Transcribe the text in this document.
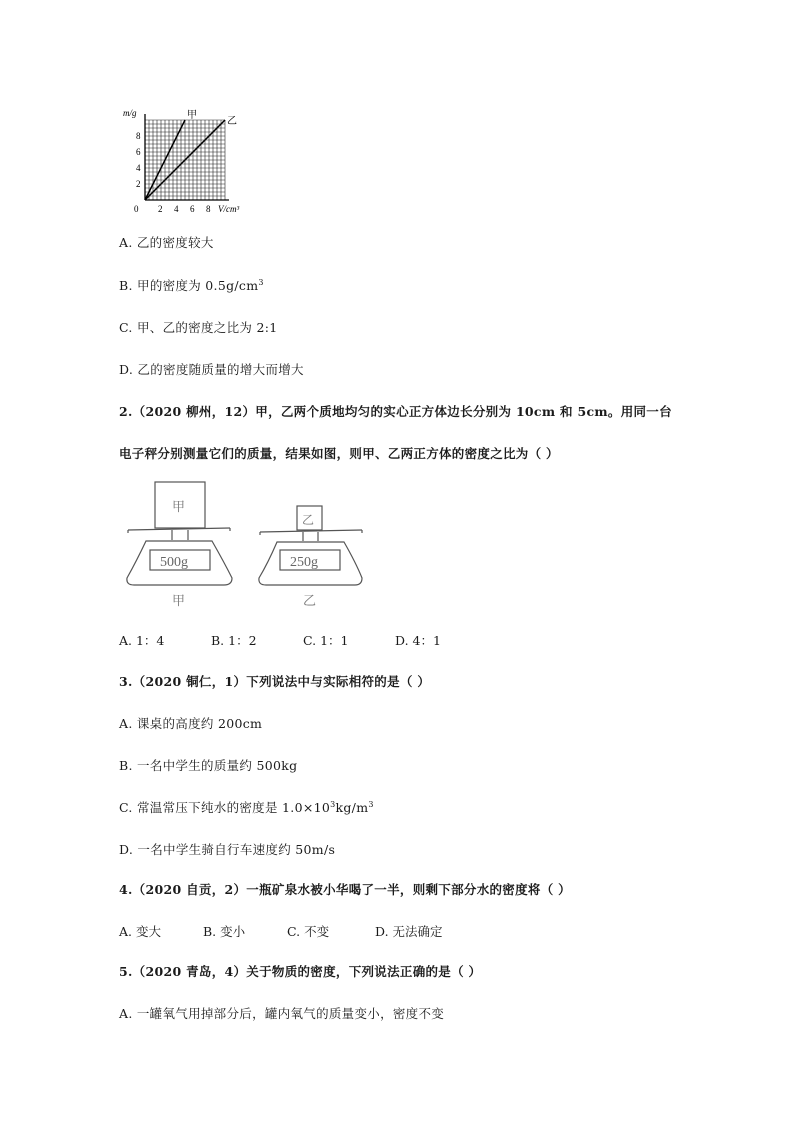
m/g
V/cm³
0 2 4 6 8
2
4
6
8
甲
乙
A. 乙的密度较大
B. 甲的密度为 $0.5g/cm^3$
C. 甲、乙的密度之比为 2:1
D. 乙的密度随质量的增大而增大
2.（2020 柳州，12）甲，乙两个质地均匀的实心正方体边长分别为 10cm 和 5cm。用同一台
电子秤分别测量它们的质量，结果如图，则甲、乙两正方体的密度之比为（ ）
甲
500g
甲
乙
250g
乙
A. 1：4	B. 1：2	C. 1：1	D. 4：1
3.（2020 铜仁，1）下列说法中与实际相符的是（ ）
A. 课桌的高度约 200cm
B. 一名中学生的质量约 500kg
C. 常温常压下纯水的密度是 $1.0\times 10^3kg/m^3$
D. 一名中学生骑自行车速度约 50m/s
4.（2020 自贡，2）一瓶矿泉水被小华喝了一半，则剩下部分水的密度将（ ）
A. 变大	B. 变小	C. 不变	D. 无法确定
5.（2020 青岛，4）关于物质的密度，下列说法正确的是（ ）
A. 一罐氧气用掉部分后，罐内氧气的质量变小，密度不变
